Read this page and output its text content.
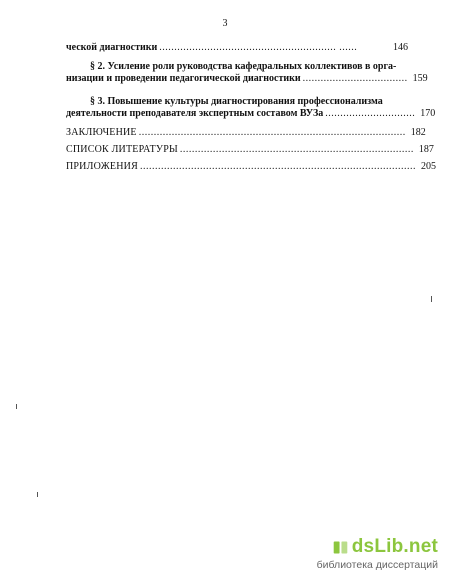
3
ческой диагностики ........................................................... ......	146
§ 2. Усиление роли руководства кафедральных коллективов в орга-
низации и проведении педагогической диагностики ................................... 159
§ 3. Повышение культуры диагностирования профессионализма
деятельности преподавателя экспертным составом ВУЗа .............................. 170
ЗАКЛЮЧЕНИЕ ......................................................................................... 182
СПИСОК ЛИТЕРАТУРЫ .............................................................................. 187
ПРИЛОЖЕНИЯ ............................................................................................ 205
dsLib.net
библиотека диссертаций
